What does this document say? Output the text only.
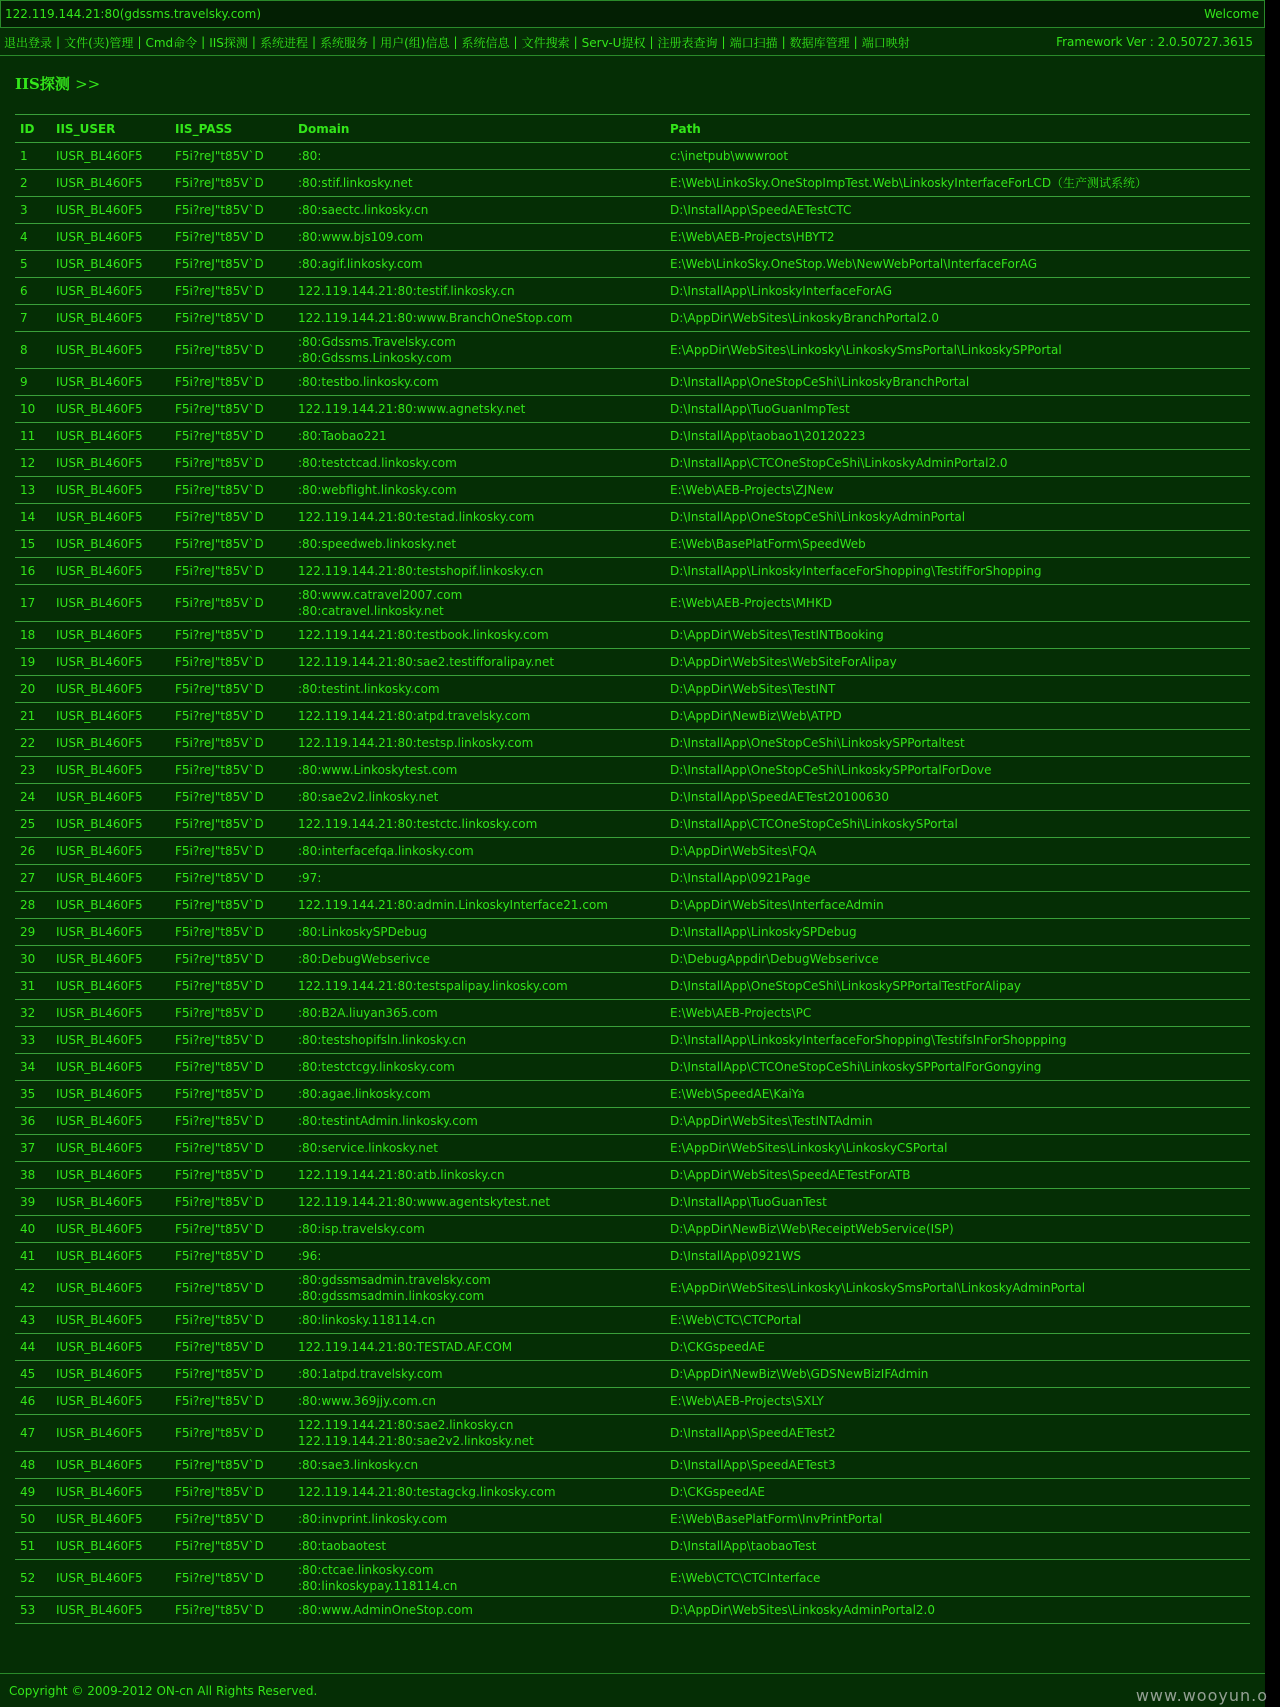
122.119.144.21:80(gdssms.travelsky.com)	Welcome
退出登录 | 文件(夹)管理 | Cmd命令 | IIS探测 | 系统进程 | 系统服务 | 用户(组)信息 | 系统信息 | 文件搜索 | Serv-U提权 | 注册表查询 | 端口扫描 | 数据库管理 | 端口映射	Framework Ver : 2.0.50727.3615
IIS探测 >>
ID	IIS_USER	IIS_PASS	Domain	Path
1	IUSR_BL460F5	F5i?reJ"t85V`D	:80:	c:\inetpub\wwwroot
2	IUSR_BL460F5	F5i?reJ"t85V`D	:80:stif.linkosky.net	E:\Web\LinkoSky.OneStopImpTest.Web\LinkoskyInterfaceForLCD（生产测试系统）
3	IUSR_BL460F5	F5i?reJ"t85V`D	:80:saectc.linkosky.cn	D:\InstallApp\SpeedAETestCTC
4	IUSR_BL460F5	F5i?reJ"t85V`D	:80:www.bjs109.com	E:\Web\AEB-Projects\HBYT2
5	IUSR_BL460F5	F5i?reJ"t85V`D	:80:agif.linkosky.com	E:\Web\LinkoSky.OneStop.Web\NewWebPortal\InterfaceForAG
6	IUSR_BL460F5	F5i?reJ"t85V`D	122.119.144.21:80:testif.linkosky.cn	D:\InstallApp\LinkoskyInterfaceForAG
7	IUSR_BL460F5	F5i?reJ"t85V`D	122.119.144.21:80:www.BranchOneStop.com	D:\AppDir\WebSites\LinkoskyBranchPortal2.0
8	IUSR_BL460F5	F5i?reJ"t85V`D	:80:Gdssms.Travelsky.com
:80:Gdssms.Linkosky.com	E:\AppDir\WebSites\Linkosky\LinkoskySmsPortal\LinkoskySPPortal
9	IUSR_BL460F5	F5i?reJ"t85V`D	:80:testbo.linkosky.com	D:\InstallApp\OneStopCeShi\LinkoskyBranchPortal
10	IUSR_BL460F5	F5i?reJ"t85V`D	122.119.144.21:80:www.agnetsky.net	D:\InstallApp\TuoGuanImpTest
11	IUSR_BL460F5	F5i?reJ"t85V`D	:80:Taobao221	D:\InstallApp\taobao1\20120223
12	IUSR_BL460F5	F5i?reJ"t85V`D	:80:testctcad.linkosky.com	D:\InstallApp\CTCOneStopCeShi\LinkoskyAdminPortal2.0
13	IUSR_BL460F5	F5i?reJ"t85V`D	:80:webflight.linkosky.com	E:\Web\AEB-Projects\ZJNew
14	IUSR_BL460F5	F5i?reJ"t85V`D	122.119.144.21:80:testad.linkosky.com	D:\InstallApp\OneStopCeShi\LinkoskyAdminPortal
15	IUSR_BL460F5	F5i?reJ"t85V`D	:80:speedweb.linkosky.net	E:\Web\BasePlatForm\SpeedWeb
16	IUSR_BL460F5	F5i?reJ"t85V`D	122.119.144.21:80:testshopif.linkosky.cn	D:\InstallApp\LinkoskyInterfaceForShopping\TestifForShopping
17	IUSR_BL460F5	F5i?reJ"t85V`D	:80:www.catravel2007.com
:80:catravel.linkosky.net	E:\Web\AEB-Projects\MHKD
18	IUSR_BL460F5	F5i?reJ"t85V`D	122.119.144.21:80:testbook.linkosky.com	D:\AppDir\WebSites\TestINTBooking
19	IUSR_BL460F5	F5i?reJ"t85V`D	122.119.144.21:80:sae2.testifforalipay.net	D:\AppDir\WebSites\WebSiteForAlipay
20	IUSR_BL460F5	F5i?reJ"t85V`D	:80:testint.linkosky.com	D:\AppDir\WebSites\TestINT
21	IUSR_BL460F5	F5i?reJ"t85V`D	122.119.144.21:80:atpd.travelsky.com	D:\AppDir\NewBiz\Web\ATPD
22	IUSR_BL460F5	F5i?reJ"t85V`D	122.119.144.21:80:testsp.linkosky.com	D:\InstallApp\OneStopCeShi\LinkoskySPPortaltest
23	IUSR_BL460F5	F5i?reJ"t85V`D	:80:www.Linkoskytest.com	D:\InstallApp\OneStopCeShi\LinkoskySPPortalForDove
24	IUSR_BL460F5	F5i?reJ"t85V`D	:80:sae2v2.linkosky.net	D:\InstallApp\SpeedAETest20100630
25	IUSR_BL460F5	F5i?reJ"t85V`D	122.119.144.21:80:testctc.linkosky.com	D:\InstallApp\CTCOneStopCeShi\LinkoskySPortal
26	IUSR_BL460F5	F5i?reJ"t85V`D	:80:interfacefqa.linkosky.com	D:\AppDir\WebSites\FQA
27	IUSR_BL460F5	F5i?reJ"t85V`D	:97:	D:\InstallApp\0921Page
28	IUSR_BL460F5	F5i?reJ"t85V`D	122.119.144.21:80:admin.LinkoskyInterface21.com	D:\AppDir\WebSites\InterfaceAdmin
29	IUSR_BL460F5	F5i?reJ"t85V`D	:80:LinkoskySPDebug	D:\InstallApp\LinkoskySPDebug
30	IUSR_BL460F5	F5i?reJ"t85V`D	:80:DebugWebserivce	D:\DebugAppdir\DebugWebserivce
31	IUSR_BL460F5	F5i?reJ"t85V`D	122.119.144.21:80:testspalipay.linkosky.com	D:\InstallApp\OneStopCeShi\LinkoskySPPortalTestForAlipay
32	IUSR_BL460F5	F5i?reJ"t85V`D	:80:B2A.liuyan365.com	E:\Web\AEB-Projects\PC
33	IUSR_BL460F5	F5i?reJ"t85V`D	:80:testshopifsln.linkosky.cn	D:\InstallApp\LinkoskyInterfaceForShopping\TestifsInForShoppping
34	IUSR_BL460F5	F5i?reJ"t85V`D	:80:testctcgy.linkosky.com	D:\InstallApp\CTCOneStopCeShi\LinkoskySPPortalForGongying
35	IUSR_BL460F5	F5i?reJ"t85V`D	:80:agae.linkosky.com	E:\Web\SpeedAE\KaiYa
36	IUSR_BL460F5	F5i?reJ"t85V`D	:80:testintAdmin.linkosky.com	D:\AppDir\WebSites\TestINTAdmin
37	IUSR_BL460F5	F5i?reJ"t85V`D	:80:service.linkosky.net	E:\AppDir\WebSites\Linkosky\LinkoskyCSPortal
38	IUSR_BL460F5	F5i?reJ"t85V`D	122.119.144.21:80:atb.linkosky.cn	D:\AppDir\WebSites\SpeedAETestForATB
39	IUSR_BL460F5	F5i?reJ"t85V`D	122.119.144.21:80:www.agentskytest.net	D:\InstallApp\TuoGuanTest
40	IUSR_BL460F5	F5i?reJ"t85V`D	:80:isp.travelsky.com	D:\AppDir\NewBiz\Web\ReceiptWebService(ISP)
41	IUSR_BL460F5	F5i?reJ"t85V`D	:96:	D:\InstallApp\0921WS
42	IUSR_BL460F5	F5i?reJ"t85V`D	:80:gdssmsadmin.travelsky.com
:80:gdssmsadmin.linkosky.com	E:\AppDir\WebSites\Linkosky\LinkoskySmsPortal\LinkoskyAdminPortal
43	IUSR_BL460F5	F5i?reJ"t85V`D	:80:linkosky.118114.cn	E:\Web\CTC\CTCPortal
44	IUSR_BL460F5	F5i?reJ"t85V`D	122.119.144.21:80:TESTAD.AF.COM	D:\CKGspeedAE
45	IUSR_BL460F5	F5i?reJ"t85V`D	:80:1atpd.travelsky.com	D:\AppDir\NewBiz\Web\GDSNewBizIFAdmin
46	IUSR_BL460F5	F5i?reJ"t85V`D	:80:www.369jjy.com.cn	E:\Web\AEB-Projects\SXLY
47	IUSR_BL460F5	F5i?reJ"t85V`D	122.119.144.21:80:sae2.linkosky.cn
122.119.144.21:80:sae2v2.linkosky.net	D:\InstallApp\SpeedAETest2
48	IUSR_BL460F5	F5i?reJ"t85V`D	:80:sae3.linkosky.cn	D:\InstallApp\SpeedAETest3
49	IUSR_BL460F5	F5i?reJ"t85V`D	122.119.144.21:80:testagckg.linkosky.com	D:\CKGspeedAE
50	IUSR_BL460F5	F5i?reJ"t85V`D	:80:invprint.linkosky.com	E:\Web\BasePlatForm\InvPrintPortal
51	IUSR_BL460F5	F5i?reJ"t85V`D	:80:taobaotest	D:\InstallApp\taobaoTest
52	IUSR_BL460F5	F5i?reJ"t85V`D	:80:ctcae.linkosky.com
:80:linkoskypay.118114.cn	E:\Web\CTC\CTCInterface
53	IUSR_BL460F5	F5i?reJ"t85V`D	:80:www.AdminOneStop.com	D:\AppDir\WebSites\LinkoskyAdminPortal2.0
Copyright © 2009-2012 ON-cn All Rights Reserved.	www.wooyun.o
